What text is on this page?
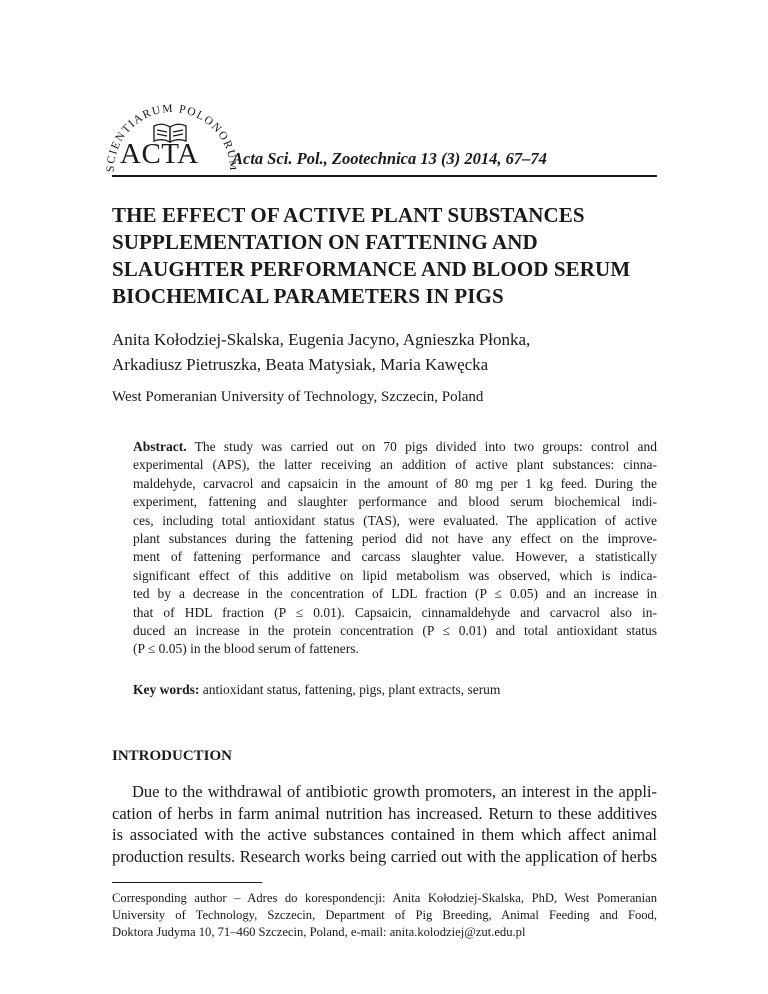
SCIENTIARUM POLONOR
ACTA Acta Sci. Pol., Zootechnica 13 (3) 2014, 67–74
THE EFFECT OF ACTIVE PLANT SUBSTANCES
SUPPLEMENTATION ON FATTENING AND
SLAUGHTER PERFORMANCE AND BLOOD SERUM
BIOCHEMICAL PARAMETERS IN PIGS
Anita Kołodziej-Skalska, Eugenia Jacyno, Agnieszka Płonka,
Arkadiusz Pietruszka, Beata Matysiak, Maria Kawęcka
West Pomeranian University of Technology, Szczecin, Poland
Abstract. The study was carried out on 70 pigs divided into two groups: control and
experimental (APS), the latter receiving an addition of active plant substances: cinna-
maldehyde, carvacrol and capsaicin in the amount of 80 mg per 1 kg feed. During the
experiment, fattening and slaughter performance and blood serum biochemical indi-
ces, including total antioxidant status (TAS), were evaluated. The application of active
plant substances during the fattening period did not have any effect on the improve-
ment of fattening performance and carcass slaughter value. However, a statistically
significant effect of this additive on lipid metabolism was observed, which is indica-
ted by a decrease in the concentration of LDL fraction (P ≤ 0.05) and an increase in
that of HDL fraction (P ≤ 0.01). Capsaicin, cinnamaldehyde and carvacrol also in-
duced an increase in the protein concentration (P ≤ 0.01) and total antioxidant status
(P ≤ 0.05) in the blood serum of fatteners.
Key words: antioxidant status, fattening, pigs, plant extracts, serum
INTRODUCTION
Due to the withdrawal of antibiotic growth promoters, an interest in the appli-
cation of herbs in farm animal nutrition has increased. Return to these additives
is associated with the active substances contained in them which affect animal
production results. Research works being carried out with the application of herbs
Corresponding author – Adres do korespondencji: Anita Kołodziej-Skalska, PhD, West Pomeranian
University of Technology, Szczecin, Department of Pig Breeding, Animal Feeding and Food,
Doktora Judyma 10, 71–460 Szczecin, Poland, e-mail: anita.kolodziej@zut.edu.pl
